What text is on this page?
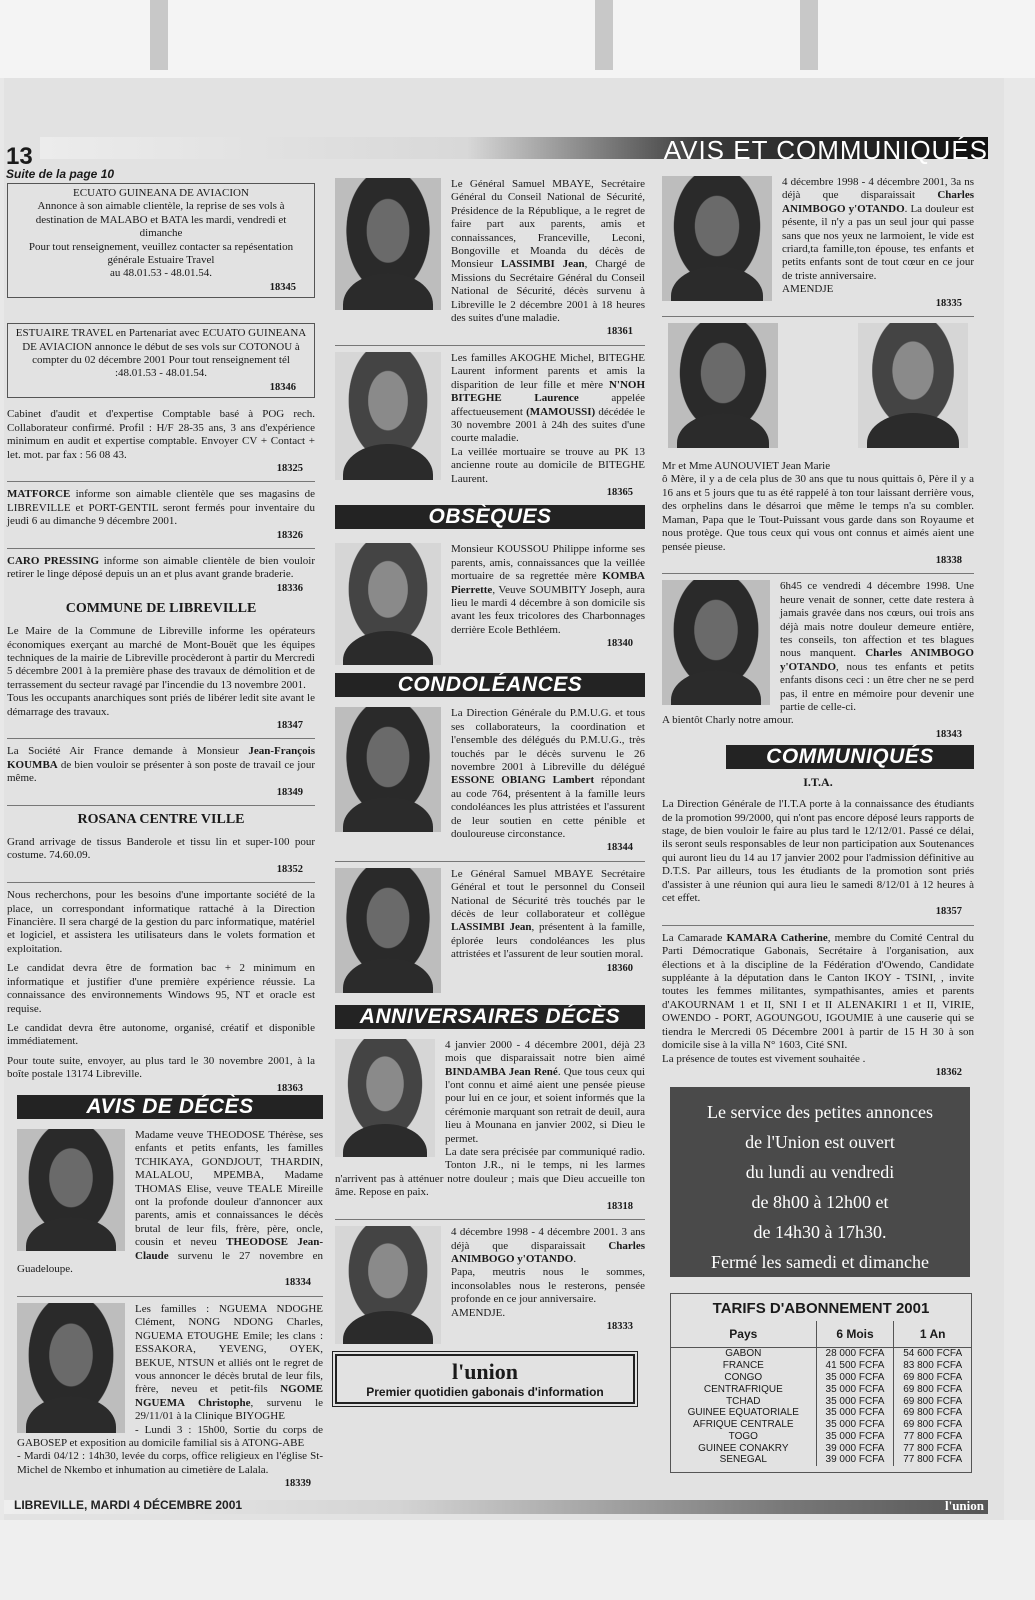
13	AVIS ET COMMUNIQUÉS
Suite de la page 10
ECUATO GUINEANA DE AVIACION
Annonce à son aimable clientèle, la reprise de ses vols à destination de MALABO et BATA les mardi, vendredi et dimanche
Pour tout renseignement, veuillez contacter sa repésentation générale Estuaire Travel
au 48.01.53 - 48.01.54.
18345
ESTUAIRE TRAVEL en Partenariat avec ECUATO GUINEANA DE AVIACION annonce le début de ses vols sur COTONOU à compter du 02 décembre 2001 Pour tout renseignement tél :48.01.53 - 48.01.54.
18346

Cabinet d'audit et d'expertise Comptable basé à POG rech. Collaborateur confirmé. Profil : H/F 28-35 ans, 3 ans d'expérience minimum en audit et expertise comptable. Envoyer CV + Contact + let. mot. par fax : 56 08 43.
18325

MATFORCE informe son aimable clientèle que ses magasins de LIBREVILLE et PORT-GENTIL seront fermés pour inventaire du jeudi 6 au dimanche 9 décembre 2001.
18326

CARO PRESSING informe son aimable clientèle de bien vouloir retirer le linge déposé depuis un an et plus avant grande braderie.
18336

COMMUNE DE LIBREVILLE

Le Maire de la Commune de Libreville informe les opérateurs économiques exerçant au marché de Mont-Bouët que les équipes techniques de la mairie de Libreville procèderont à partir du Mercredi 5 décembre 2001 à la première phase des travaux de démolition et de terrassement du secteur ravagé par l'incendie du 13 novembre 2001.

Tous les occupants anarchiques sont priés de libérer ledit site avant le démarrage des travaux.
18347

La Société Air France demande à Monsieur Jean-François KOUMBA de bien vouloir se présenter à son poste de travail ce jour même.
18349

ROSANA CENTRE VILLE

Grand arrivage de tissus Banderole et tissu lin et super-100 pour costume. 74.60.09.
18352

Nous recherchons, pour les besoins d'une importante société de la place, un correspondant informatique rattaché à la Direction Financière. Il sera chargé de la gestion du parc informatique, matériel et logiciel, et assistera les utilisateurs dans le volets formation et exploitation.

Le candidat devra être de formation bac + 2 minimum en informatique et justifier d'une première expérience réussie. La connaissance des environnements Windows 95, NT et oracle est requise.

Le candidat devra être autonome, organisé, créatif et disponible immédiatement.

Pour toute suite, envoyer, au plus tard le 30 novembre 2001, à la boîte postale 13174 Libreville.
18363

AVIS DE DÉCÈS

Madame veuve THEODOSE Thérèse, ses enfants et petits enfants, les familles TCHIKAYA, GONDJOUT, THARDIN, MALALOU, MPEMBA, Madame THOMAS Elise, veuve TEALE Mireille ont la profonde douleur d'annoncer aux parents, amis et connaissances le décès brutal de leur fils, frère, père, oncle, cousin et neveu THEODOSE Jean-Claude survenu le 27 novembre en Guadeloupe.
18334

Les familles : NGUEMA NDOGHE Clément, NONG NDONG Charles, NGUEMA ETOUGHE Emile; les clans : ESSAKORA, YEVENG, OYEK, BEKUE, NTSUN et alliés ont le regret de vous annoncer le décès brutal de leur fils, frère, neveu et petit-fils NGOME NGUEMA Christophe, survenu le 29/11/01 à la Clinique BIYOGHE
- Lundi 3 : 15h00, Sortie du corps de GABOSEP et exposition au domicile familial sis à ATONG-ABE
- Mardi 04/12 : 14h30, levée du corps, office religieux en l'église St-Michel de Nkembo et inhumation au cimetière de Lalala.
18339

Le Général Samuel MBAYE, Secrétaire Général du Conseil National de Sécurité, Présidence de la République, a le regret de faire part aux parents, amis et connaissances, Franceville, Leconi, Bongoville et Moanda du décès de Monsieur LASSIMBI Jean, Chargé de Missions du Secrétaire Général du Conseil National de Sécurité, décès survenu à Libreville le 2 décembre 2001 à 18 heures des suites d'une maladie.
18361

Les familles AKOGHE Michel, BITEGHE Laurent informent parents et amis la disparition de leur fille et mère N'NOH BITEGHE Laurence appelée affectueusement (MAMOUSSI) décédée le 30 novembre 2001 à 24h des suites d'une courte maladie.
La veillée mortuaire se trouve au PK 13 ancienne route au domicile de BITEGHE Laurent.
18365

OBSÈQUES

Monsieur KOUSSOU Philippe informe ses parents, amis, connaissances que la veillée mortuaire de sa regrettée mère KOMBA Pierrette, Veuve SOUMBITY Joseph, aura lieu le mardi 4 décembre à son domicile sis avant les feux tricolores des Charbonnages derrière Ecole Bethléem.
18340

CONDOLÉANCES

La Direction Générale du P.M.U.G. et tous ses collaborateurs, la coordination et l'ensemble des délégués du P.M.U.G., très touchés par le décès survenu le 26 novembre 2001 à Libreville du délégué ESSONE OBIANG Lambert répondant au code 764, présentent à la famille leurs condoléances les plus attristées et l'assurent de leur soutien en cette pénible et douloureuse circonstance.
18344

Le Général Samuel MBAYE Secrétaire Général et tout le personnel du Conseil National de Sécurité très touchés par le décès de leur collaborateur et collègue LASSIMBI Jean, présentent à la famille, éplorée leurs condoléances les plus attristées et l'assurent de leur soutien moral.
18360

ANNIVERSAIRES DÉCÈS

4 janvier 2000 - 4 décembre 2001, déjà 23 mois que disparaissait notre bien aimé BINDAMBA Jean René. Que tous ceux qui l'ont connu et aimé aient une pensée pieuse pour lui en ce jour, et soient informés que la cérémonie marquant son retrait de deuil, aura lieu à Mounana en janvier 2002, si Dieu le permet.
La date sera précisée par communiqué radio. Tonton J.R., ni le temps, ni les larmes n'arrivent pas à atténuer notre douleur ; mais que Dieu accueille ton âme. Repose en paix.
18318

4 décembre 1998 - 4 décembre 2001. 3 ans déjà que disparaissait Charles ANIMBOGO y'OTANDO.
Papa, meutris nous le sommes, inconsolables nous le resterons, pensée profonde en ce jour anniversaire.
AMENDJE.
18333

l'union
Premier quotidien gabonais d'information

4 décembre 1998 - 4 décembre 2001, 3a ns déjà que disparaissait Charles ANIMBOGO y'OTANDO. La douleur est pésente, il n'y a pas un seul jour qui passe sans que nos yeux ne larmoient, le vide est criard,ta famille,ton épouse, tes enfants et petits enfants sont de tout cœur en ce jour de triste anniversaire.
AMENDJE
18335

Mr et Mme AUNOUVIET Jean Marie

ô Mère, il y a de cela plus de 30 ans que tu nous quittais ô, Père il y a 16 ans et 5 jours que tu as été rappelé à ton tour laissant derrière vous, des orphelins dans le désarroi que même le temps n'a su combler. Maman, Papa que le Tout-Puissant vous garde dans son Royaume et nous protège. Que tous ceux qui vous ont connus et aimés aient une pensée pieuse.
18338

6h45 ce vendredi 4 décembre 1998. Une heure venait de sonner, cette date restera à jamais gravée dans nos cœurs, oui trois ans déjà mais notre douleur demeure entière, tes conseils, ton affection et tes blagues nous manquent. Charles ANIMBOGO y'OTANDO, nous tes enfants et petits enfants disons ceci : un être cher ne se perd pas, il entre en mémoire pour devenir une partie de celle-ci.
A bientôt Charly notre amour.
18343

COMMUNIQUÉS
I.T.A.

La Direction Générale de l'I.T.A porte à la connaissance des étudiants de la promotion 99/2000, qui n'ont pas encore déposé leurs rapports de stage, de bien vouloir le faire au plus tard le 12/12/01. Passé ce délai, ils seront seuls responsables de leur non participation aux Soutenances qui auront lieu du 14 au 17 janvier 2002 pour l'admission définitive au D.T.S. Par ailleurs, tous les étudiants de la promotion sont priés d'assister à une réunion qui aura lieu le samedi 8/12/01 à 12 heures à cet effet.
18357

La Camarade KAMARA Catherine, membre du Comité Central du Parti Démocratique Gabonais, Secrétaire à l'organisation, aux élections et à la discipline de la Fédération d'Owendo, Candidate suppléante à la députation dans le Canton IKOY - TSINI, , invite toutes les femmes militantes, sympathisantes, amies et parents d'AKOURNAM 1 et II, SNI I et II ALENAKIRI 1 et II, VIRIE, OWENDO - PORT, AGOUNGOU, IGOUMIE à une causerie qui se tiendra le Mercredi 05 Décembre 2001 à partir de 15 H 30 à son domicile sise à la villa N° 1603, Cité SNI.
La présence de toutes est vivement souhaitée .
18362

Le service des petites annonces
de l'Union est ouvert
du lundi au vendredi
de 8h00 à 12h00 et
de 14h30 à 17h30.
Fermé les samedi et dimanche
TARIFS D'ABONNEMENT 2001
Pays	6 Mois	1 An
GABON	28 000 FCFA	54 600 FCFA
FRANCE	41 500 FCFA	83 800 FCFA
CONGO	35 000 FCFA	69 800 FCFA
CENTRAFRIQUE	35 000 FCFA	69 800 FCFA
TCHAD	35 000 FCFA	69 800 FCFA
GUINEE EQUATORIALE	35 000 FCFA	69 800 FCFA
AFRIQUE CENTRALE	35 000 FCFA	69 800 FCFA
TOGO	35 000 FCFA	77 800 FCFA
GUINEE CONAKRY	39 000 FCFA	77 800 FCFA
SENEGAL	39 000 FCFA	77 800 FCFA
LIBREVILLE, MARDI 4 DÉCEMBRE 2001	l'union
